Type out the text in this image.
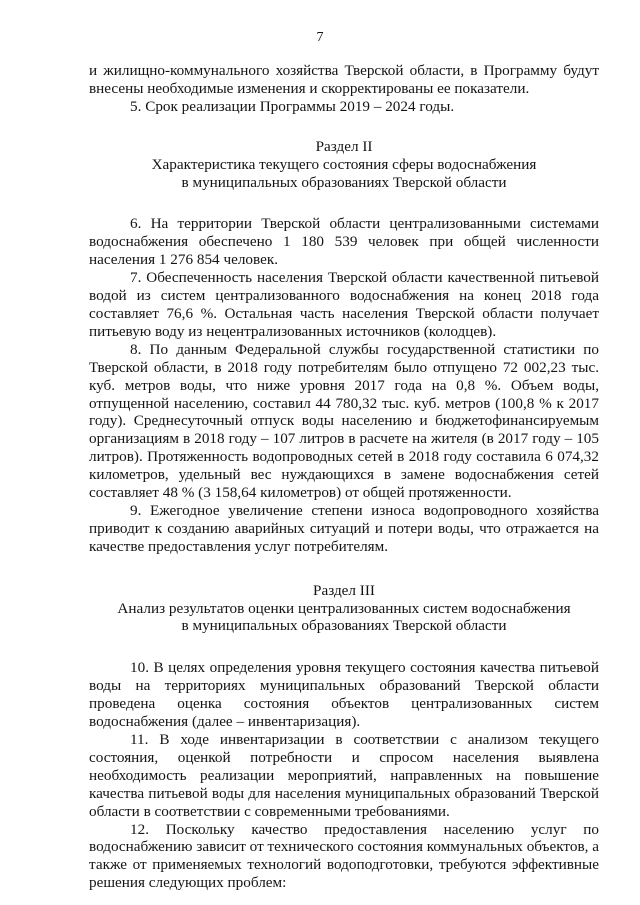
7

и жилищно-коммунального хозяйства Тверской области, в Программу будут внесены необходимые изменения и скорректированы ее показатели.

5. Срок реализации Программы 2019 – 2024 годы.

Раздел II

Характеристика текущего состояния сферы водоснабжения

в муниципальных образованиях Тверской области

6. На территории Тверской области централизованными системами водоснабжения обеспечено 1 180 539 человек при общей численности населения 1 276 854 человек.

7. Обеспеченность населения Тверской области качественной питьевой водой из систем централизованного водоснабжения на конец 2018 года составляет 76,6 %. Остальная часть населения Тверской области получает питьевую воду из нецентрализованных источников (колодцев).

8. По данным Федеральной службы государственной статистики по Тверской области, в 2018 году потребителям было отпущено 72 002,23 тыс. куб. метров воды, что ниже уровня 2017 года на 0,8 %. Объем воды, отпущенной населению, составил 44 780,32 тыс. куб. метров (100,8 % к 2017 году). Среднесуточный отпуск воды населению и бюджетофинансируемым организациям в 2018 году – 107 литров в расчете на жителя (в 2017 году – 105 литров). Протяженность водопроводных сетей в 2018 году составила 6 074,32 километров, удельный вес нуждающихся в замене водоснабжения сетей составляет 48 % (3 158,64 километров) от общей протяженности.

9. Ежегодное увеличение степени износа водопроводного хозяйства приводит к созданию аварийных ситуаций и потери воды, что отражается на качестве предоставления услуг потребителям.

Раздел III

Анализ результатов оценки централизованных систем водоснабжения

в муниципальных образованиях Тверской области

10. В целях определения уровня текущего состояния качества питьевой воды на территориях муниципальных образований Тверской области проведена оценка состояния объектов централизованных систем водоснабжения (далее – инвентаризация).

11. В ходе инвентаризации в соответствии с анализом текущего состояния, оценкой потребности и спросом населения выявлена необходимость реализации мероприятий, направленных на повышение качества питьевой воды для населения муниципальных образований Тверской области в соответствии с современными требованиями.

12. Поскольку качество предоставления населению услуг по водоснабжению зависит от технического состояния коммунальных объектов, а также от применяемых технологий водоподготовки, требуются эффективные решения следующих проблем:
